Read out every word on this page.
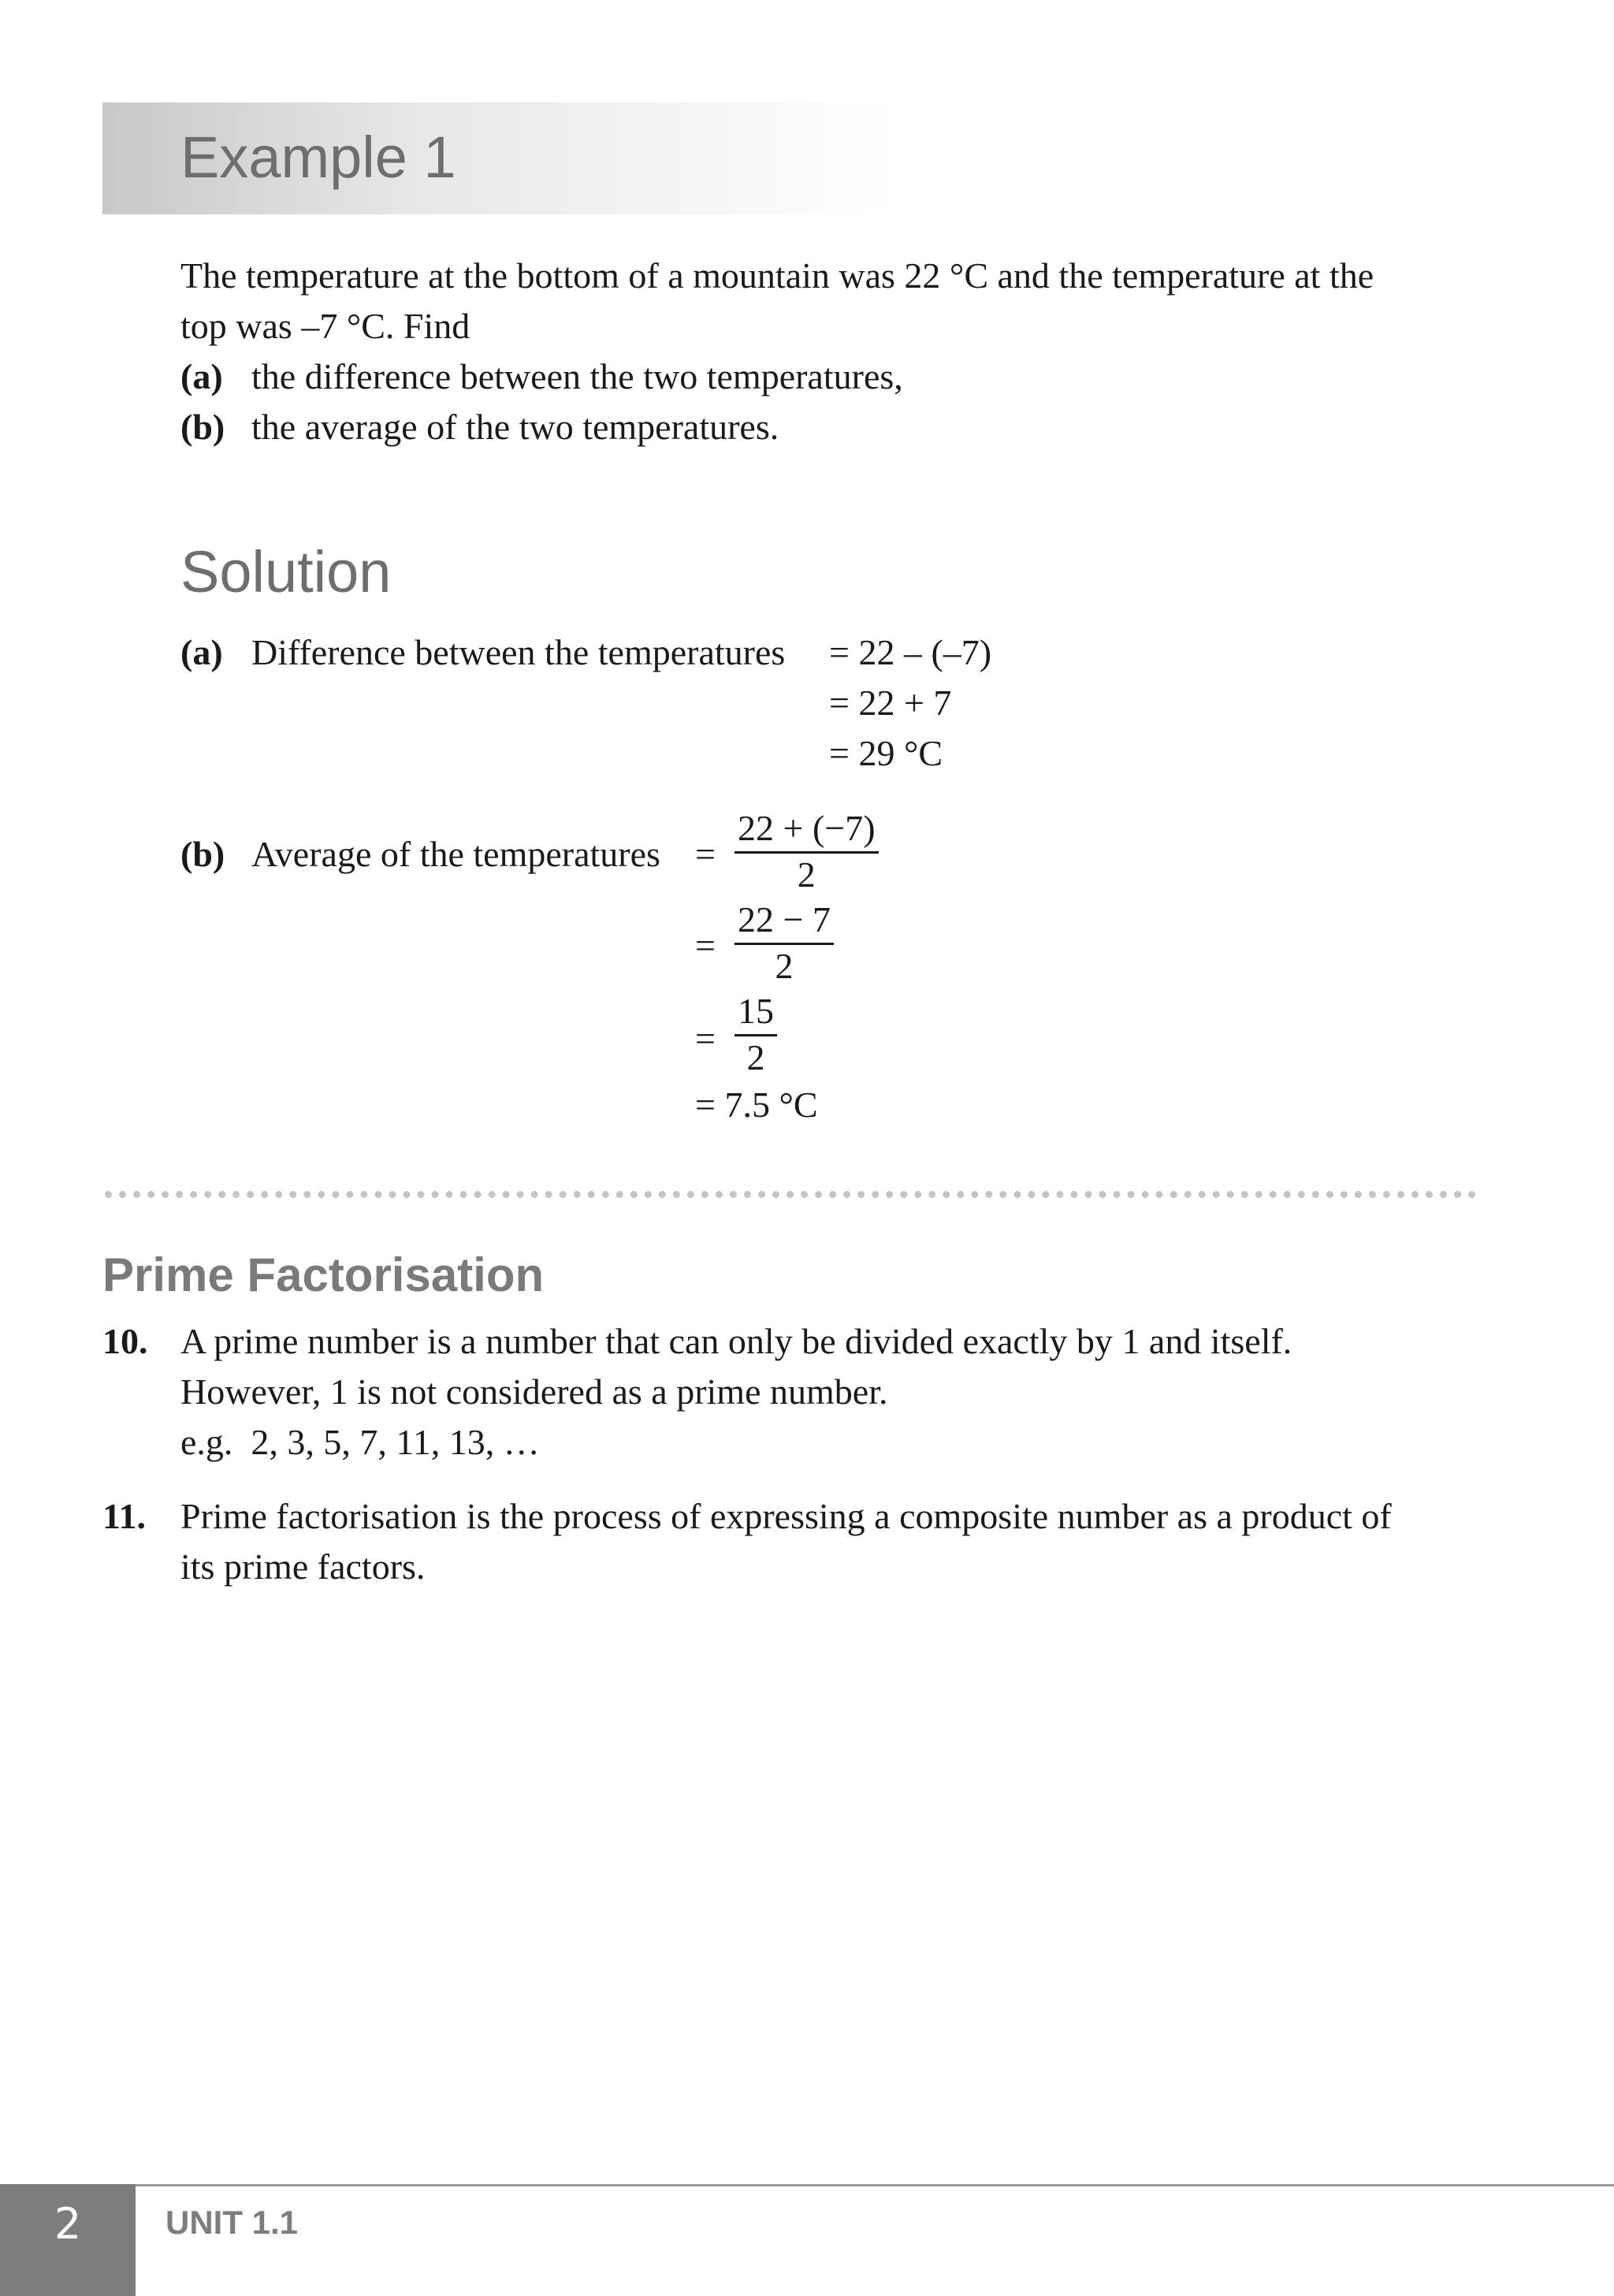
Example 1
The temperature at the bottom of a mountain was 22 °C and the temperature at the
top was –7 °C. Find
(a) the difference between the two temperatures,
(b) the average of the two temperatures.
Solution
(a) Difference between the temperatures = 22 – (–7)
= 22 + 7
= 29 °C
(b) Average of the temperatures = $\frac{22 + (-7)}{2}$
= $\frac{22 - 7}{2}$
= $\frac{15}{2}$
= 7.5 °C
Prime Factorisation
10. A prime number is a number that can only be divided exactly by 1 and itself.
However, 1 is not considered as a prime number.
e.g.  2, 3, 5, 7, 11, 13, …
11. Prime factorisation is the process of expressing a composite number as a product of
its prime factors.
2	UNIT 1.1
